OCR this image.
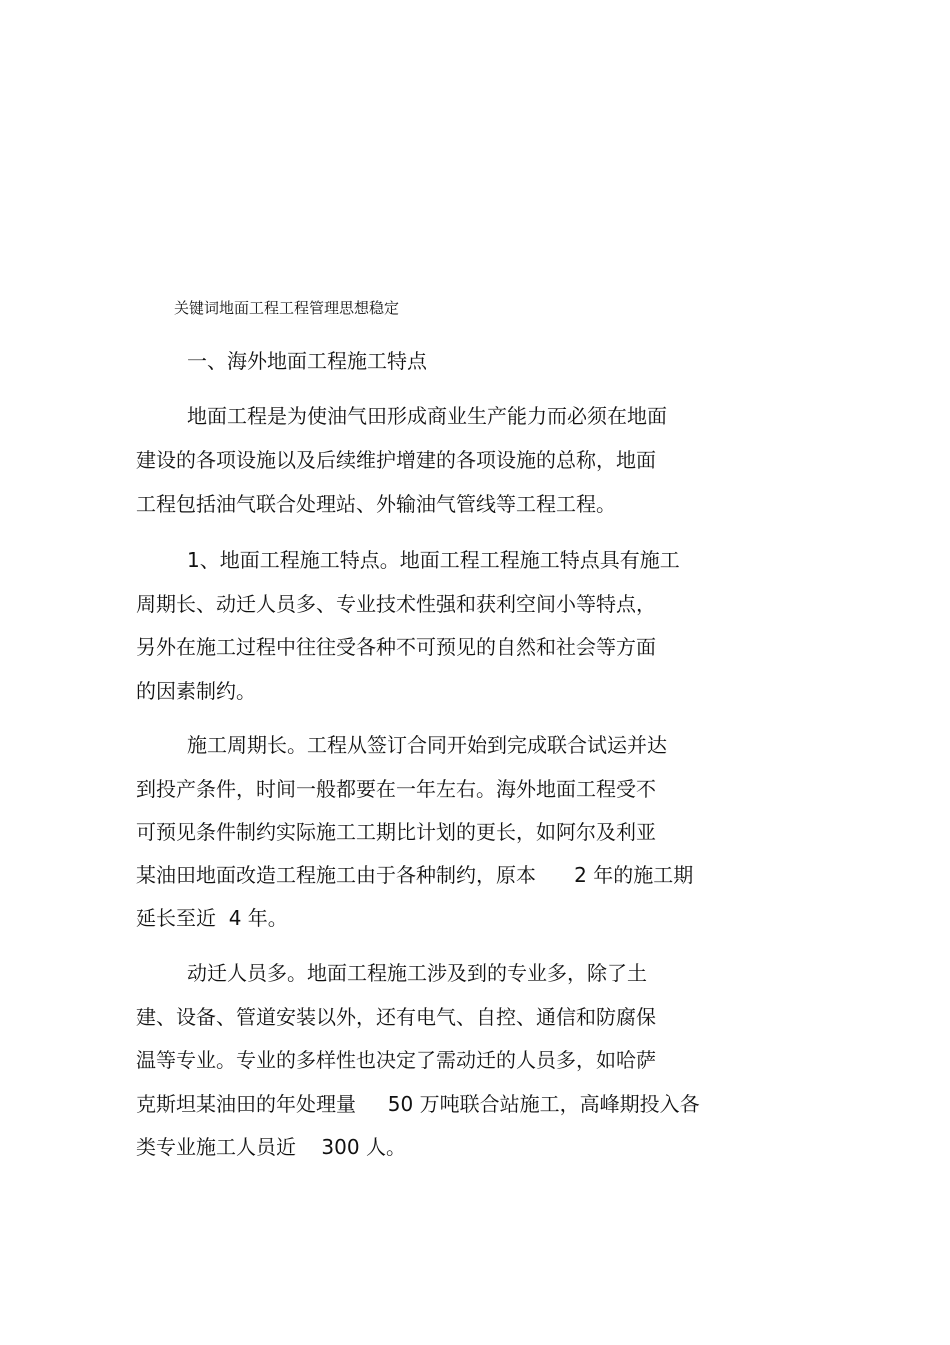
关键词地面工程工程管理思想稳定
一、海外地面工程施工特点
地面工程是为使油气田形成商业生产能力而必须在地面
建设的各项设施以及后续维护增建的各项设施的总称，地面
工程包括油气联合处理站、外输油气管线等工程工程。
1、地面工程施工特点。地面工程工程施工特点具有施工
周期长、动迁人员多、专业技术性强和获利空间小等特点，
另外在施工过程中往往受各种不可预见的自然和社会等方面
的因素制约。
施工周期长。工程从签订合同开始到完成联合试运并达
到投产条件，时间一般都要在一年左右。海外地面工程受不
可预见条件制约实际施工工期比计划的更长，如阿尔及利亚
某油田地面改造工程施工由于各种制约，原本      2 年的施工期
延长至近  4 年。
动迁人员多。地面工程施工涉及到的专业多，除了土
建、设备、管道安装以外，还有电气、自控、通信和防腐保
温等专业。专业的多样性也决定了需动迁的人员多，如哈萨
克斯坦某油田的年处理量     50 万吨联合站施工，高峰期投入各
类专业施工人员近    300 人。
